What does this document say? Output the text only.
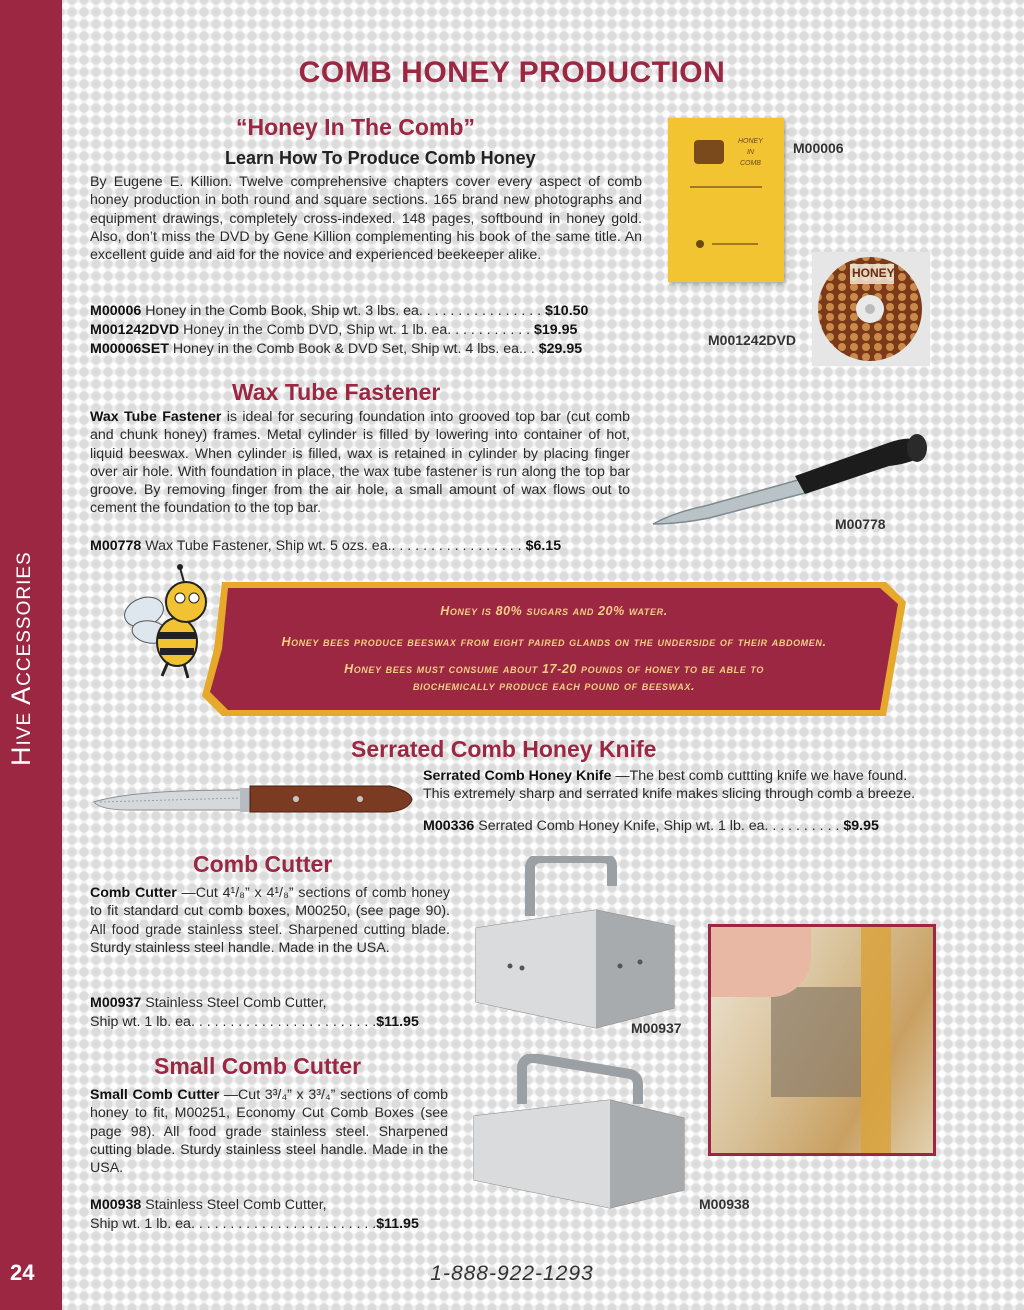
Hive Accessories
24
COMB HONEY PRODUCTION
“Honey In The Comb”
Learn How To Produce Comb Honey
By Eugene E. Killion. Twelve comprehensive chapters cover every aspect of comb honey production in both round and square sections. 165 brand new photographs and equipment drawings, completely cross-indexed. 148 pages, softbound in honey gold. Also, don’t miss the DVD by Gene Killion complementing his book of the same title. An excellent guide and aid for the novice and experienced beekeeper alike.
M00006 Honey in the Comb Book, Ship wt. 3 lbs. ea. . . . . . . . . . . . . . . . $10.50
M001242DVD Honey in the Comb DVD, Ship wt. 1 lb. ea. . . . . . . . . . . $19.95
M00006SET Honey in the Comb Book & DVD Set, Ship wt. 4 lbs. ea.. . $29.95
HONEY
IN
COMB
M00006
HONEY
M001242DVD
Wax Tube Fastener
Wax Tube Fastener is ideal for securing foundation into grooved top bar (cut comb and chunk honey) frames. Metal cylinder is filled by lowering into container of hot, liquid beeswax. When cylinder is filled, wax is retained in cylinder by placing finger over air hole. With foundation in place, the wax tube fastener is run along the top bar groove. By removing finger from the air hole, a small amount of wax flows out to cement the foundation to the top bar.
M00778 Wax Tube Fastener, Ship wt. 5 ozs. ea.. . . . . . . . . . . . . . . . . $6.15
M00778
Honey is 80% sugars and 20% water.
Honey bees produce beeswax from eight paired glands on the underside of their abdomen.
Honey bees must consume about 17-20 pounds of honey to be able to
biochemically produce each pound of beeswax.
Serrated Comb Honey Knife
Serrated Comb Honey Knife —The best comb cuttting knife we have found. This extremely sharp and serrated knife makes slicing through comb a breeze.
M00336 Serrated Comb Honey Knife, Ship wt. 1 lb. ea. . . . . . . . . . $9.95
Comb Cutter
Comb Cutter —Cut 4¹/₈” x 4¹/₈” sections of comb honey to fit standard cut comb boxes, M00250, (see page 90). All food grade stainless steel. Sharpened cutting blade. Sturdy stainless steel handle. Made in the USA.
M00937 Stainless Steel Comb Cutter,
Ship wt. 1 lb. ea. . . . . . . . . . . . . . . . . . . . . . . .$11.95	M00937
Small Comb Cutter
Small Comb Cutter —Cut 3³/₄” x 3³/₄” sections of comb honey to fit, M00251, Economy Cut Comb Boxes (see page 98). All food grade stainless steel. Sharpened cutting blade. Sturdy stainless steel handle. Made in the USA.
M00938 Stainless Steel Comb Cutter,
Ship wt. 1 lb. ea. . . . . . . . . . . . . . . . . . . . . . . .$11.95
M00938
1-888-922-1293
